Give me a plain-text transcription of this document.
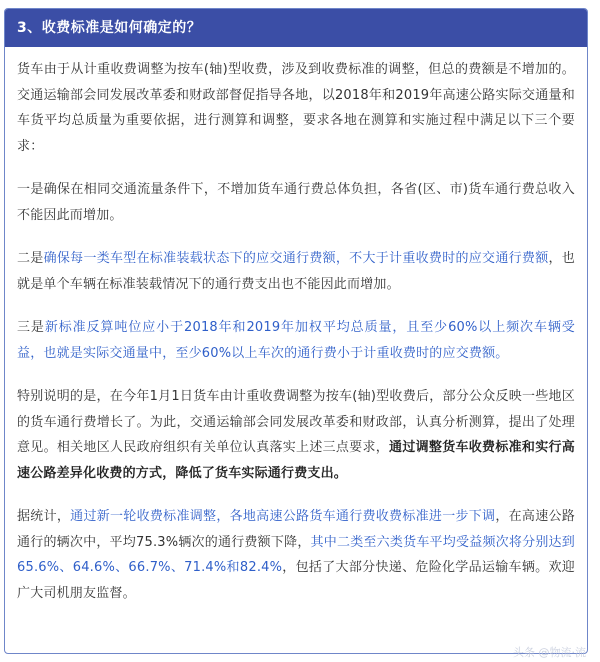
3、收费标准是如何确定的？

货车由于从计重收费调整为按车(轴)型收费，涉及到收费标准的调整，但总的费额是不增加的。交通运输部会同发展改革委和财政部督促指导各地，以2018年和2019年高速公路实际交通量和车货平均总质量为重要依据，进行测算和调整，要求各地在测算和实施过程中满足以下三个要求：

一是确保在相同交通流量条件下，不增加货车通行费总体负担，各省(区、市)货车通行费总收入不能因此而增加。

二是确保每一类车型在标准装载状态下的应交通行费额，不大于计重收费时的应交通行费额，也就是单个车辆在标准装载情况下的通行费支出也不能因此而增加。

三是新标准反算吨位应小于2018年和2019年加权平均总质量，且至少60%以上频次车辆受益，也就是实际交通量中，至少60%以上车次的通行费小于计重收费时的应交费额。

特别说明的是，在今年1月1日货车由计重收费调整为按车(轴)型收费后，部分公众反映一些地区的货车通行费增长了。为此，交通运输部会同发展改革委和财政部，认真分析测算，提出了处理意见。相关地区人民政府组织有关单位认真落实上述三点要求，通过调整货车收费标准和实行高速公路差异化收费的方式，降低了货车实际通行费支出。

据统计，通过新一轮收费标准调整，各地高速公路货车通行费收费标准进一步下调，在高速公路通行的辆次中，平均75.3%辆次的通行费额下降，其中二类至六类货车平均受益频次将分别达到65.6%、64.6%、66.7%、71.4%和82.4%，包括了大部分快递、危险化学品运输车辆。欢迎广大司机朋友监督。

头条 @物流·流
